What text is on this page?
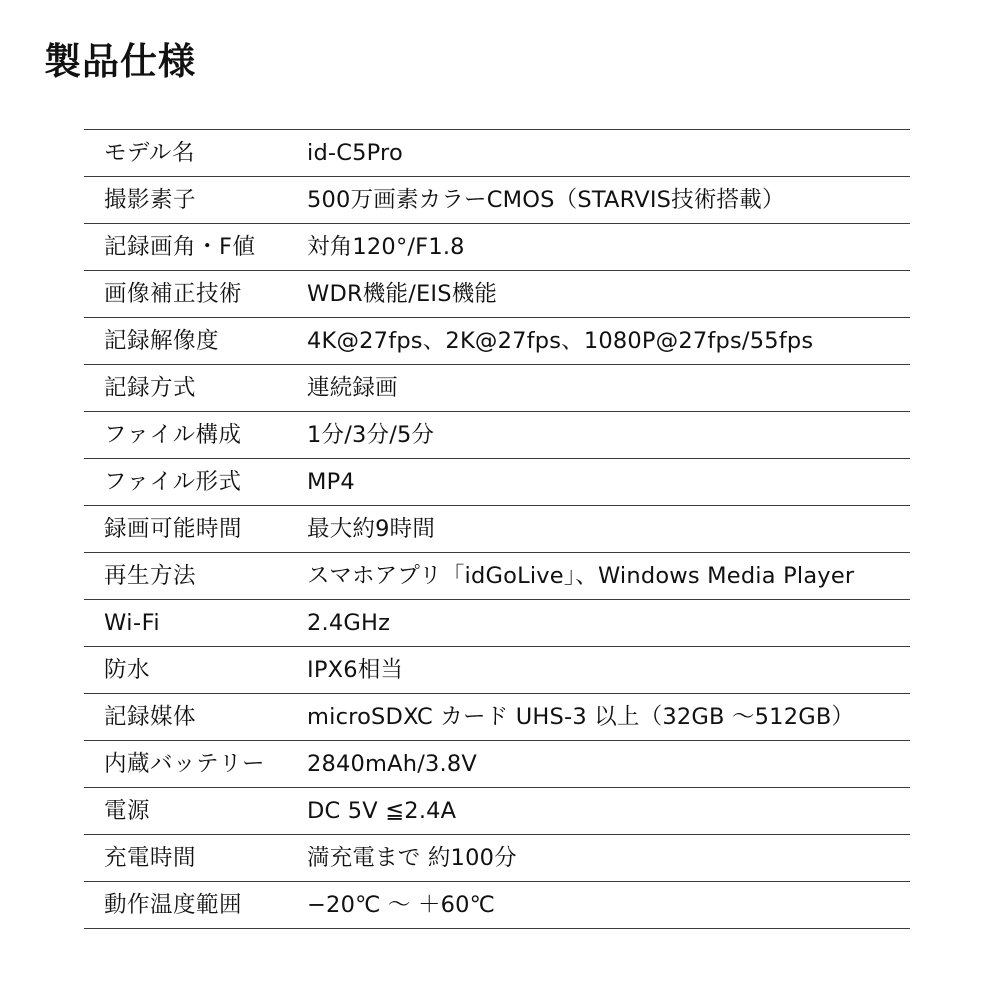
製品仕様
モデル名	id-C5Pro
撮影素子	500万画素カラーCMOS（STARVIS技術搭載）
記録画角・F値	対角120°/F1.8
画像補正技術	WDR機能/EIS機能
記録解像度	4K@27fps、2K@27fps、1080P@27fps/55fps
記録方式	連続録画
ファイル構成	1分/3分/5分
ファイル形式	MP4
録画可能時間	最大約9時間
再生方法	スマホアプリ「idGoLive」、Windows Media Player
Wi-Fi	2.4GHz
防水	IPX6相当
記録媒体	microSDXC カード UHS-3 以上（32GB ～512GB）
内蔵バッテリー	2840mAh/3.8V
電源	DC 5V ≦2.4A
充電時間	満充電まで 約100分
動作温度範囲	−20℃ ～ ＋60℃
